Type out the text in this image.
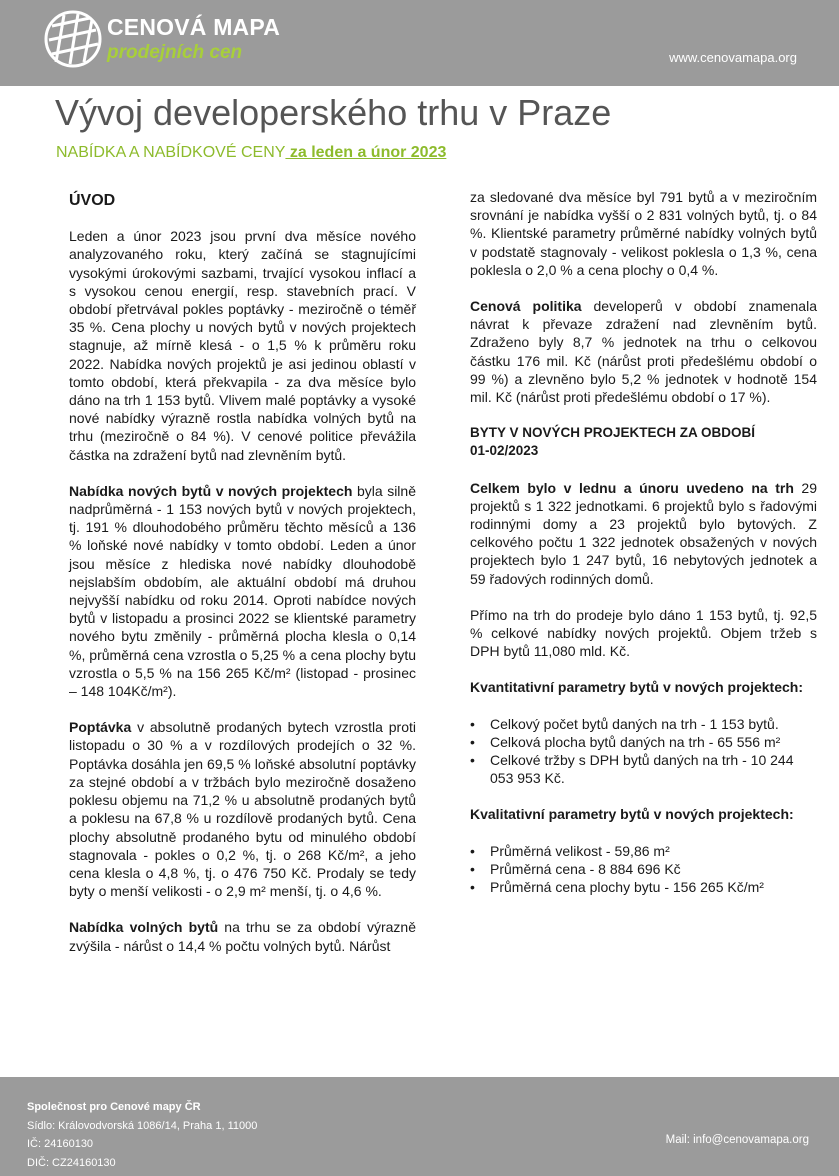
CENOVÁ MAPA
prodejních cen	www.cenovamapa.org
Vývoj developerského trhu v Praze
NABÍDKA A NABÍDKOVÉ CENY za leden a únor 2023
ÚVOD

Leden a únor 2023 jsou první dva měsíce nového analyzovaného roku, který začíná se stagnujícími vysokými úrokovými sazbami, trvající vysokou inflací a s vysokou cenou energií, resp. stavebních prací. V období přetrvával pokles poptávky - meziročně o téměř 35 %. Cena plochy u nových bytů v nových projektech stagnuje, až mírně klesá - o 1,5 % k průměru roku 2022. Nabídka nových projektů je asi jedinou oblastí v tomto období, která překvapila - za dva měsíce bylo dáno na trh 1 153 bytů. Vlivem malé poptávky a vysoké nové nabídky výrazně rostla nabídka volných bytů na trhu (meziročně o 84 %). V cenové politice převážila částka na zdražení bytů nad zlevněním bytů.

Nabídka nových bytů v nových projektech byla silně nadprůměrná - 1 153 nových bytů v nových projektech, tj. 191 % dlouhodobého průměru těchto měsíců a 136 % loňské nové nabídky v tomto období. Leden a únor jsou měsíce z hlediska nové nabídky dlouhodobě nejslabším obdobím, ale aktuální období má druhou nejvyšší nabídku od roku 2014. Oproti nabídce nových bytů v listopadu a prosinci 2022 se klientské parametry nového bytu změnily - průměrná plocha klesla o 0,14 %, průměrná cena vzrostla o 5,25 % a cena plochy bytu vzrostla o 5,5 % na 156 265 Kč/m² (listopad - prosinec – 148 104Kč/m²).

Poptávka v absolutně prodaných bytech vzrostla proti listopadu o 30 % a v rozdílových prodejích o 32 %. Poptávka dosáhla jen 69,5 % loňské absolutní poptávky za stejné období a v tržbách bylo meziročně dosaženo poklesu objemu na 71,2 % u absolutně prodaných bytů a poklesu na 67,8 % u rozdílově prodaných bytů. Cena plochy absolutně prodaného bytu od minulého období stagnovala - pokles o 0,2 %, tj. o 268 Kč/m², a jeho cena klesla o 4,8 %, tj. o 476 750 Kč. Prodaly se tedy byty o menší velikosti - o 2,9 m² menší, tj. o 4,6 %.

Nabídka volných bytů na trhu se za období výrazně zvýšila - nárůst o 14,4 % počtu volných bytů. Nárůst

za sledované dva měsíce byl 791 bytů a v meziročním srovnání je nabídka vyšší o 2 831 volných bytů, tj. o 84 %. Klientské parametry průměrné nabídky volných bytů v podstatě stagnovaly - velikost poklesla o 1,3 %, cena poklesla o 2,0 % a cena plochy o 0,4 %.

Cenová politika developerů v období znamenala návrat k převaze zdražení nad zlevněním bytů. Zdraženo byly 8,7 % jednotek na trhu o celkovou částku 176 mil. Kč (nárůst proti předešlému období o 99 %) a zlevněno bylo 5,2 % jednotek v hodnotě 154 mil. Kč (nárůst proti předešlému období o 17 %).

BYTY V NOVÝCH PROJEKTECH ZA OBDOBÍ
01-02/2023

Celkem bylo v lednu a únoru uvedeno na trh 29 projektů s 1 322 jednotkami. 6 projektů bylo s řadovými rodinnými domy a 23 projektů bylo bytových. Z celkového počtu 1 322 jednotek obsažených v nových projektech bylo 1 247 bytů, 16 nebytových jednotek a 59 řadových rodinných domů.

Přímo na trh do prodeje bylo dáno 1 153 bytů, tj. 92,5 % celkové nabídky nových projektů. Objem tržeb s DPH bytů 11,080 mld. Kč.

Kvantitativní parametry bytů v nových projektech:
• Celkový počet bytů daných na trh - 1 153 bytů.
• Celková plocha bytů daných na trh - 65 556 m²
• Celkové tržby s DPH bytů daných na trh - 10 244 053 953 Kč.
Kvalitativní parametry bytů v nových projektech:
• Průměrná velikost - 59,86 m²
• Průměrná cena - 8 884 696 Kč
• Průměrná cena plochy bytu - 156 265 Kč/m²
Společnost pro Cenové mapy ČR
Sídlo: Královodvorská 1086/14, Praha 1, 11000
IČ: 24160130
DIČ: CZ24160130
Mail: info@cenovamapa.org
